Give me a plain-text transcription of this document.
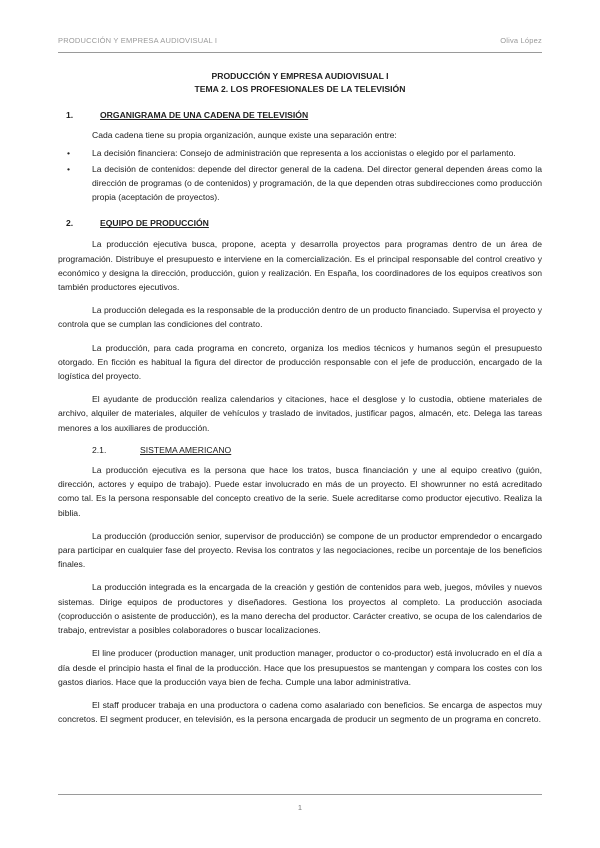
PRODUCCIÓN Y EMPRESA AUDIOVISUAL I	Oliva López
PRODUCCIÓN Y EMPRESA AUDIOVISUAL I
TEMA 2. LOS PROFESIONALES DE LA TELEVISIÓN
1.	ORGANIGRAMA DE UNA CADENA DE TELEVISIÓN

Cada cadena tiene su propia organización, aunque existe una separación entre:

•	La decisión financiera: Consejo de administración que representa a los accionistas o elegido por el parlamento.
•	La decisión de contenidos: depende del director general de la cadena. Del director general dependen áreas como la dirección de programas (o de contenidos) y programación, de la que dependen otras subdirecciones como producción propia (aceptación de proyectos).
2.	EQUIPO DE PRODUCCIÓN

La producción ejecutiva busca, propone, acepta y desarrolla proyectos para programas dentro de un área de programación. Distribuye el presupuesto e interviene en la comercialización. Es el principal responsable del control creativo y económico y designa la dirección, producción, guion y realización. En España, los coordinadores de los equipos creativos son también productores ejecutivos.

La producción delegada es la responsable de la producción dentro de un producto financiado. Supervisa el proyecto y controla que se cumplan las condiciones del contrato.

La producción, para cada programa en concreto, organiza los medios técnicos y humanos según el presupuesto otorgado. En ficción es habitual la figura del director de producción responsable con el jefe de producción, encargado de la logística del proyecto.

El ayudante de producción realiza calendarios y citaciones, hace el desglose y lo custodia, obtiene materiales de archivo, alquiler de materiales, alquiler de vehículos y traslado de invitados, justificar pagos, almacén, etc. Delega las tareas menores a los auxiliares de producción.

2.1.	SISTEMA AMERICANO

La producción ejecutiva es la persona que hace los tratos, busca financiación y une al equipo creativo (guión, dirección, actores y equipo de trabajo). Puede estar involucrado en más de un proyecto. El showrunner no está acreditado como tal. Es la persona responsable del concepto creativo de la serie. Suele acreditarse como productor ejecutivo. Realiza la biblia.

La producción (producción senior, supervisor de producción) se compone de un productor emprendedor o encargado para participar en cualquier fase del proyecto. Revisa los contratos y las negociaciones, recibe un porcentaje de los beneficios finales.

La producción integrada es la encargada de la creación y gestión de contenidos para web, juegos, móviles y nuevos sistemas. Dirige equipos de productores y diseñadores. Gestiona los proyectos al completo. La producción asociada (coproducción o asistente de producción), es la mano derecha del productor. Carácter creativo, se ocupa de los calendarios de trabajo, entrevistar a posibles colaboradores o buscar localizaciones.

El line producer (production manager, unit production manager, productor o co-productor) está involucrado en el día a día desde el principio hasta el final de la producción. Hace que los presupuestos se mantengan y compara los costes con los gastos diarios. Hace que la producción vaya bien de fecha. Cumple una labor administrativa.

El staff producer trabaja en una productora o cadena como asalariado con beneficios. Se encarga de aspectos muy concretos. El segment producer, en televisión, es la persona encargada de producir un segmento de un programa en concreto.

1
